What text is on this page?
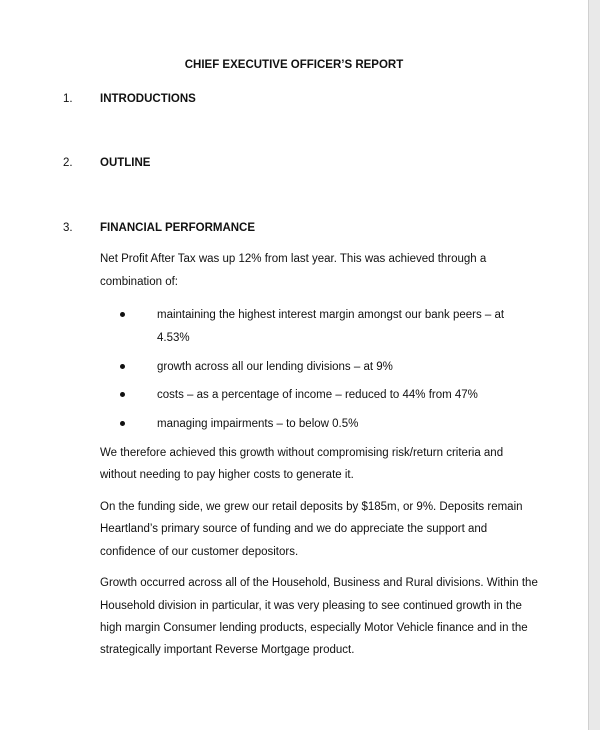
CHIEF EXECUTIVE OFFICER’S REPORT
1. INTRODUCTIONS
2. OUTLINE
3. FINANCIAL PERFORMANCE
Net Profit After Tax was up 12% from last year. This was achieved through a
combination of:
maintaining the highest interest margin amongst our bank peers – at
4.53%
growth across all our lending divisions – at 9%
costs – as a percentage of income – reduced to 44% from 47%
managing impairments – to below 0.5%
We therefore achieved this growth without compromising risk/return criteria and
without needing to pay higher costs to generate it.
On the funding side, we grew our retail deposits by $185m, or 9%. Deposits remain
Heartland’s primary source of funding and we do appreciate the support and
confidence of our customer depositors.
Growth occurred across all of the Household, Business and Rural divisions. Within the
Household division in particular, it was very pleasing to see continued growth in the
high margin Consumer lending products, especially Motor Vehicle finance and in the
strategically important Reverse Mortgage product.
